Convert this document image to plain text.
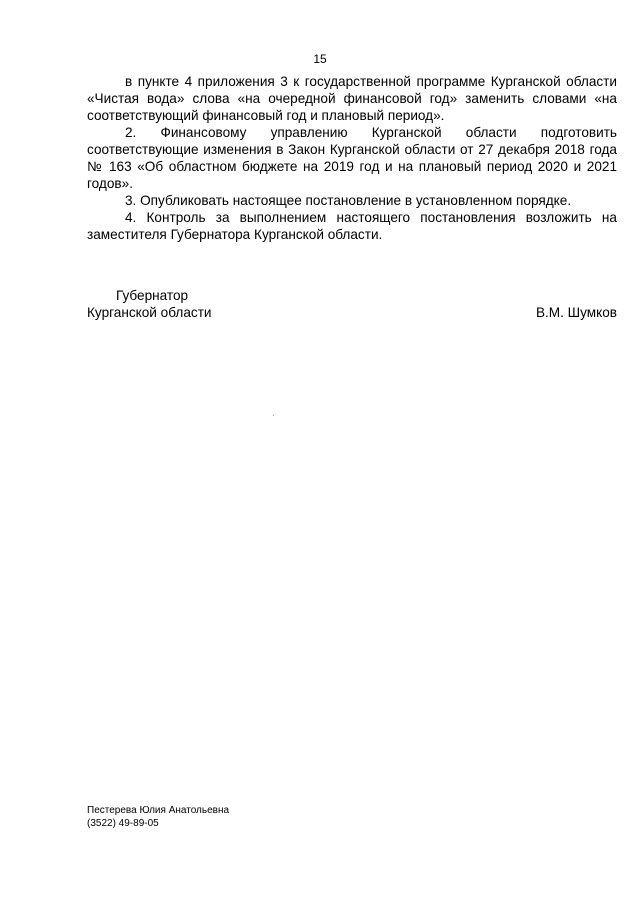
15

в пункте 4 приложения 3 к государственной программе Курганской области «Чистая вода» слова «на очередной финансовой год» заменить словами «на соответствующий финансовый год и плановый период».

2. Финансовому управлению Курганской области подготовить соответствующие изменения в Закон Курганской области от 27 декабря 2018 года № 163 «Об областном бюджете на 2019 год и на плановый период 2020 и 2021 годов».

3. Опубликовать настоящее постановление в установленном порядке.

4. Контроль за выполнением настоящего постановления возложить на заместителя Губернатора Курганской области.

Губернатор
Курганской области	В.М. Шумков
Пестерева Юлия Анатольевна
(3522) 49-89-05
